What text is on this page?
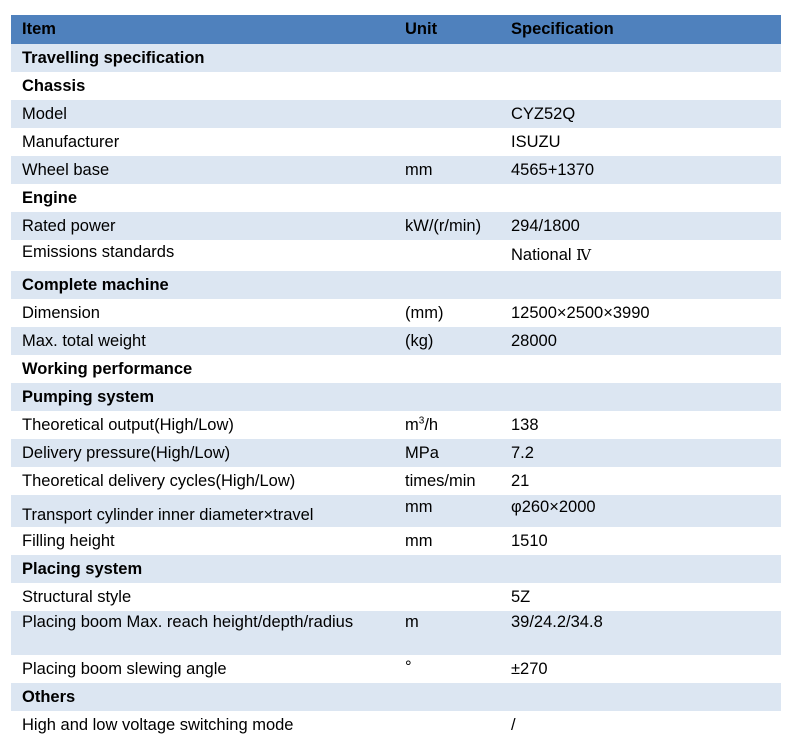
Item	Unit	Specification
Travelling specification		
Chassis		
Model		CYZ52Q
Manufacturer		ISUZU
Wheel base	mm	4565+1370
Engine		
Rated power	kW/(r/min)	294/1800
Emissions standards		National Ⅳ
Complete machine		
Dimension	(mm)	12500×2500×3990
Max. total weight	(kg)	28000
Working performance		
Pumping system		
Theoretical output(High/Low)	$m^3/h$	138
Delivery pressure(High/Low)	MPa	7.2
Theoretical delivery cycles(High/Low)	times/min	21
Transport cylinder inner diameter×travel	mm	φ260×2000
Filling height	mm	1510
Placing system		
Structural style		5Z
Placing boom Max. reach height/depth/radius	m	39/24.2/34.8
Placing boom slewing angle	°	±270
Others		
High and low voltage switching mode		/
